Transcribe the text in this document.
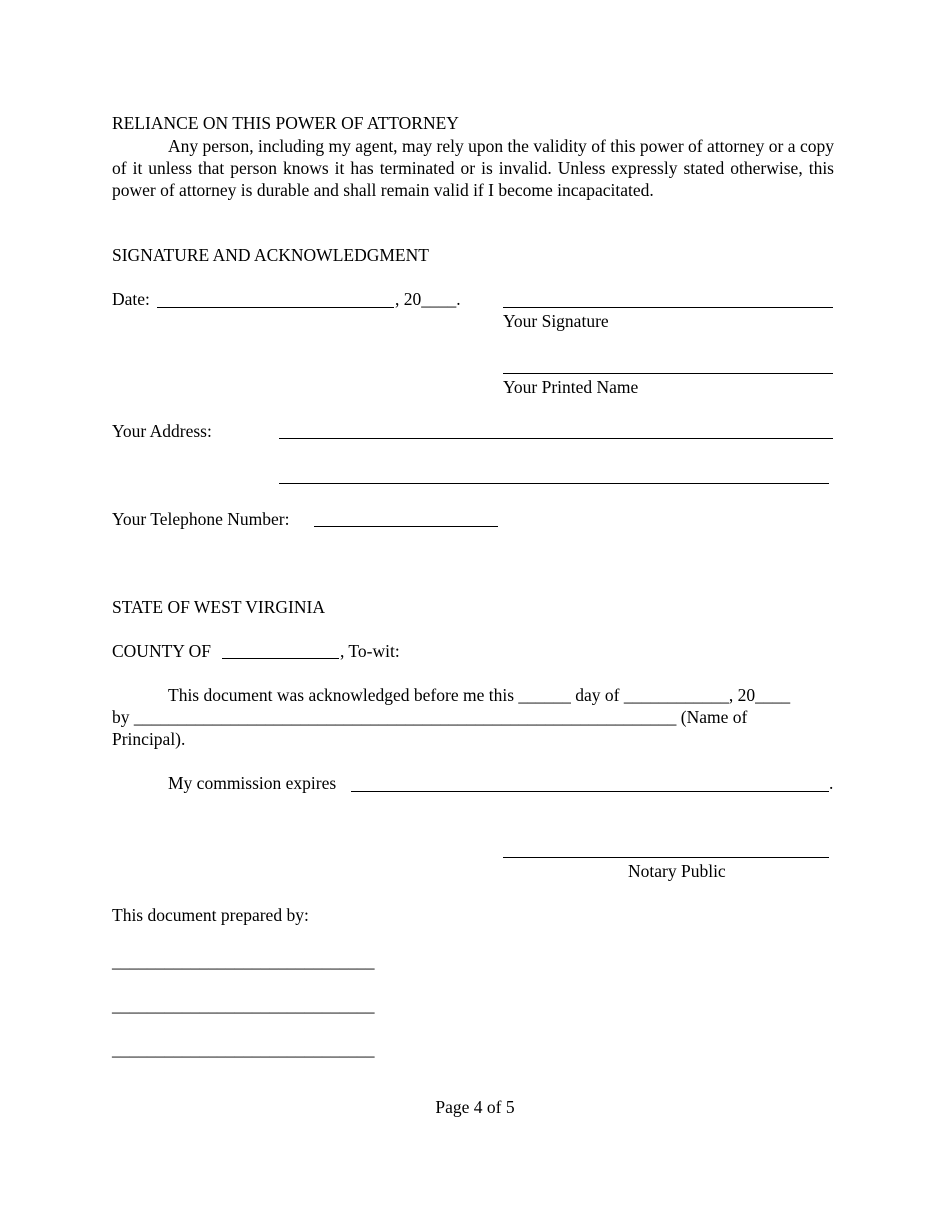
RELIANCE ON THIS POWER OF ATTORNEY
Any person, including my agent, may rely upon the validity of this power of attorney or a copy of it unless that person knows it has terminated or is invalid. Unless expressly stated otherwise, this power of attorney is durable and shall remain valid if I become incapacitated.
SIGNATURE AND ACKNOWLEDGMENT
Date:	, 20____.
Your Signature
Your Printed Name
Your Address:
Your Telephone Number:
STATE OF WEST VIRGINIA
COUNTY OF	, To-wit:
This document was acknowledged before me this ______ day of ____________, 20____
by ______________________________________________________________ (Name of
Principal).
My commission expires	.
Notary Public
This document prepared by:
______________________________
______________________________
______________________________
Page 4 of 5
